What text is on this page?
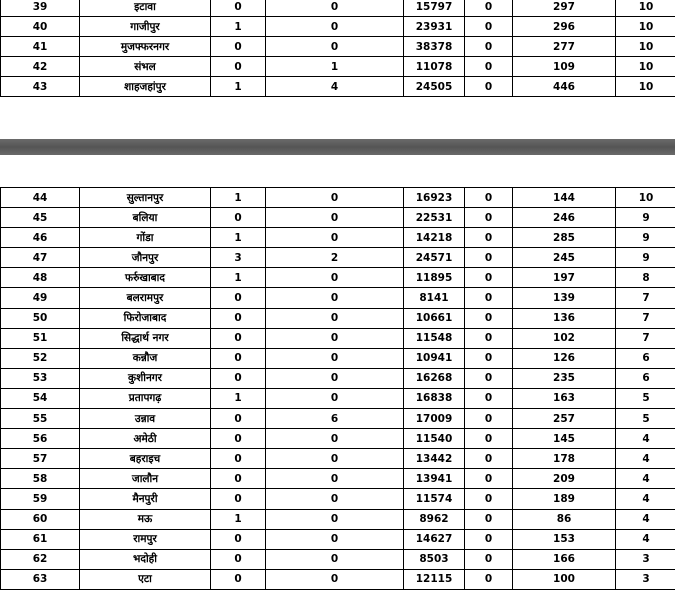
39	इटावा	0	0	15797	0	297	10
40	गाजीपुर	1	0	23931	0	296	10
41	मुजफ्फरनगर	0	0	38378	0	277	10
42	संभल	0	1	11078	0	109	10
43	शाहजहांपुर	1	4	24505	0	446	10
44	सुल्तानपुर	1	0	16923	0	144	10
45	बलिया	0	0	22531	0	246	9
46	गोंडा	1	0	14218	0	285	9
47	जौनपुर	3	2	24571	0	245	9
48	फर्रुखाबाद	1	0	11895	0	197	8
49	बलरामपुर	0	0	8141	0	139	7
50	फिरोजाबाद	0	0	10661	0	136	7
51	सिद्धार्थ नगर	0	0	11548	0	102	7
52	कन्नौज	0	0	10941	0	126	6
53	कुशीनगर	0	0	16268	0	235	6
54	प्रतापगढ़	1	0	16838	0	163	5
55	उन्नाव	0	6	17009	0	257	5
56	अमेठी	0	0	11540	0	145	4
57	बहराइच	0	0	13442	0	178	4
58	जालौन	0	0	13941	0	209	4
59	मैनपुरी	0	0	11574	0	189	4
60	मऊ	1	0	8962	0	86	4
61	रामपुर	0	0	14627	0	153	4
62	भदोही	0	0	8503	0	166	3
63	एटा	0	0	12115	0	100	3
